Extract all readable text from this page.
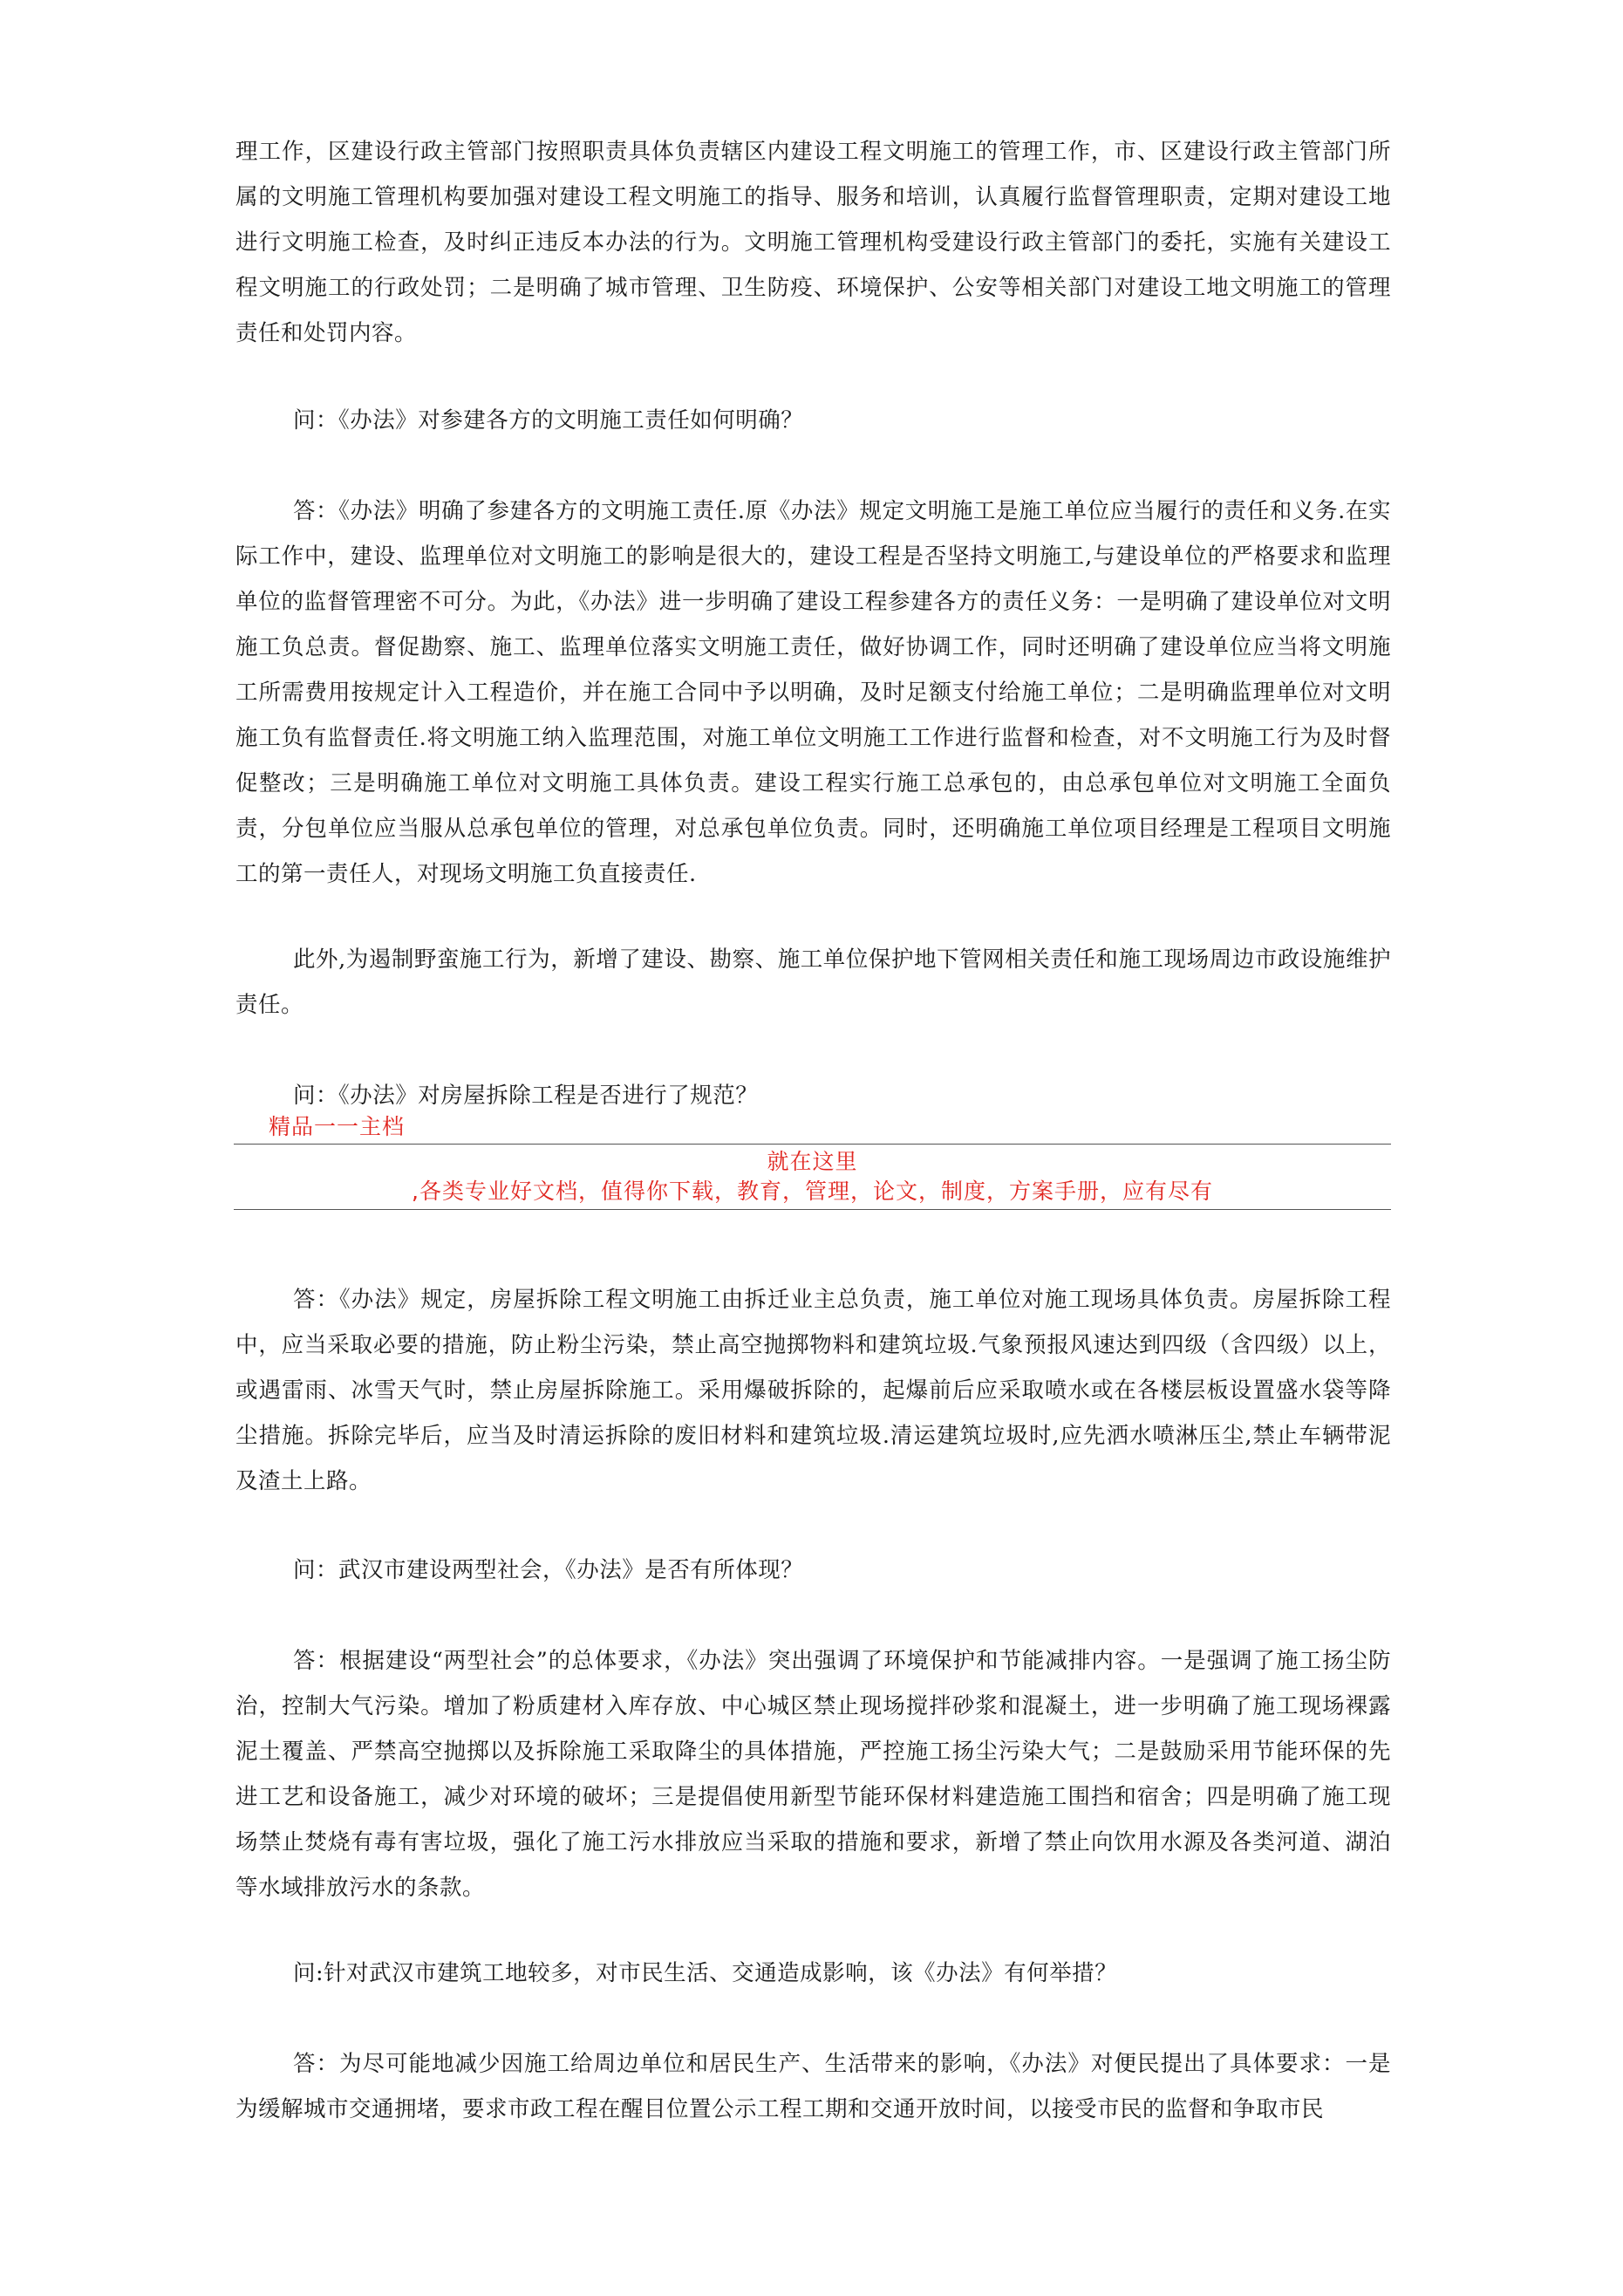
理工作，区建设行政主管部门按照职责具体负责辖区内建设工程文明施工的管理工作，市、区建设行政主管部门所属的文明施工管理机构要加强对建设工程文明施工的指导、服务和培训，认真履行监督管理职责，定期对建设工地进行文明施工检查，及时纠正违反本办法的行为。文明施工管理机构受建设行政主管部门的委托，实施有关建设工程文明施工的行政处罚；二是明确了城市管理、卫生防疫、环境保护、公安等相关部门对建设工地文明施工的管理责任和处罚内容。

问：《办法》对参建各方的文明施工责任如何明确？

答：《办法》明确了参建各方的文明施工责任.原《办法》规定文明施工是施工单位应当履行的责任和义务.在实际工作中，建设、监理单位对文明施工的影响是很大的，建设工程是否坚持文明施工,与建设单位的严格要求和监理单位的监督管理密不可分。为此，《办法》进一步明确了建设工程参建各方的责任义务：一是明确了建设单位对文明施工负总责。督促勘察、施工、监理单位落实文明施工责任，做好协调工作，同时还明确了建设单位应当将文明施工所需费用按规定计入工程造价，并在施工合同中予以明确，及时足额支付给施工单位；二是明确监理单位对文明施工负有监督责任.将文明施工纳入监理范围，对施工单位文明施工工作进行监督和检查，对不文明施工行为及时督促整改；三是明确施工单位对文明施工具体负责。建设工程实行施工总承包的，由总承包单位对文明施工全面负责，分包单位应当服从总承包单位的管理，对总承包单位负责。同时，还明确施工单位项目经理是工程项目文明施工的第一责任人，对现场文明施工负直接责任.

此外,为遏制野蛮施工行为，新增了建设、勘察、施工单位保护地下管网相关责任和施工现场周边市政设施维护责任。

问：《办法》对房屋拆除工程是否进行了规范？

精品一一主档
就在这里
,各类专业好文档，值得你下载，教育，管理，论文，制度，方案手册，应有尽有

答：《办法》规定，房屋拆除工程文明施工由拆迁业主总负责，施工单位对施工现场具体负责。房屋拆除工程中，应当采取必要的措施，防止粉尘污染，禁止高空抛掷物料和建筑垃圾.气象预报风速达到四级（含四级）以上，或遇雷雨、冰雪天气时，禁止房屋拆除施工。采用爆破拆除的，起爆前后应采取喷水或在各楼层板设置盛水袋等降尘措施。拆除完毕后，应当及时清运拆除的废旧材料和建筑垃圾.清运建筑垃圾时,应先洒水喷淋压尘,禁止车辆带泥及渣土上路。

问：武汉市建设两型社会，《办法》是否有所体现？

答：根据建设“两型社会”的总体要求，《办法》突出强调了环境保护和节能减排内容。一是强调了施工扬尘防治，控制大气污染。增加了粉质建材入库存放、中心城区禁止现场搅拌砂浆和混凝土，进一步明确了施工现场裸露泥土覆盖、严禁高空抛掷以及拆除施工采取降尘的具体措施，严控施工扬尘污染大气；二是鼓励采用节能环保的先进工艺和设备施工，减少对环境的破坏；三是提倡使用新型节能环保材料建造施工围挡和宿舍；四是明确了施工现场禁止焚烧有毒有害垃圾，强化了施工污水排放应当采取的措施和要求，新增了禁止向饮用水源及各类河道、湖泊等水域排放污水的条款。

问:针对武汉市建筑工地较多，对市民生活、交通造成影响，该《办法》有何举措？

答：为尽可能地减少因施工给周边单位和居民生产、生活带来的影响，《办法》对便民提出了具体要求：一是为缓解城市交通拥堵，要求市政工程在醒目位置公示工程工期和交通开放时间，以接受市民的监督和争取市民
